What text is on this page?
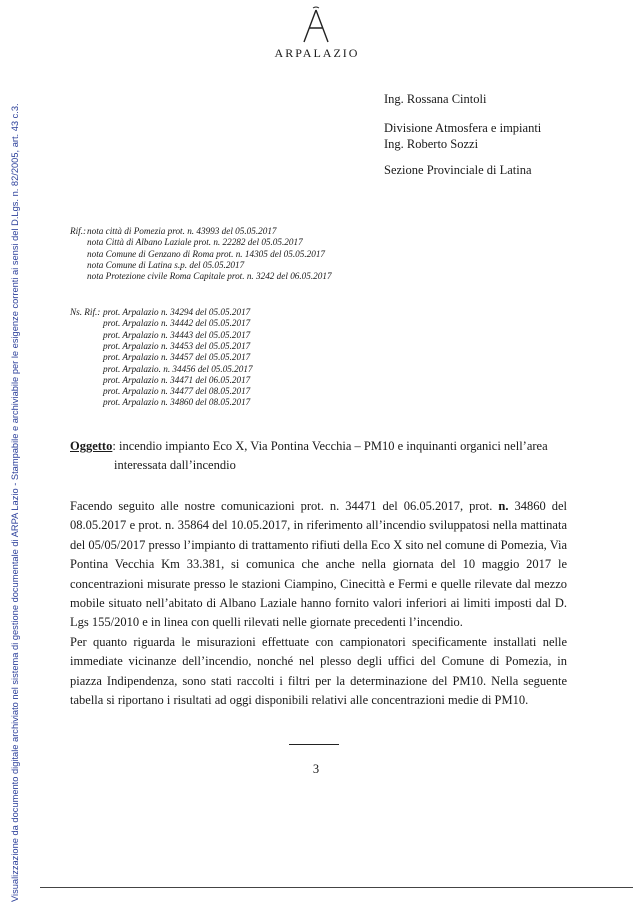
ARPALAZIO
Visualizzazione da documento digitale archiviato nel sistema di gestione documentale di ARPA Lazio - Stampabile e archiviabile per le esigenze correnti ai sensi del D.Lgs. n. 82/2005, art. 43 c.3.
Ing. Rossana Cintoli
Divisione Atmosfera e impianti
Ing. Roberto Sozzi
Sezione Provinciale di Latina
Rif.: nota città di Pomezia prot. n. 43993 del 05.05.2017
nota Città di Albano Laziale prot. n. 22282 del 05.05.2017
nota Comune di Genzano di Roma prot. n. 14305 del 05.05.2017
nota Comune di Latina s.p. del 05.05.2017
nota Protezione civile Roma Capitale prot. n. 3242 del 06.05.2017
Ns. Rif.: prot. Arpalazio n. 34294 del 05.05.2017
prot. Arpalazio n. 34442 del 05.05.2017
prot. Arpalazio n. 34443 del 05.05.2017
prot. Arpalazio n. 34453 del 05.05.2017
prot. Arpalazio n. 34457 del 05.05.2017
prot. Arpalazio. n. 34456 del 05.05.2017
prot. Arpalazio n. 34471 del 06.05.2017
prot. Arpalazio n. 34477 del 08.05.2017
prot. Arpalazio n. 34860 del 08.05.2017
Oggetto: incendio impianto Eco X, Via Pontina Vecchia – PM10 e inquinanti organici nell’area
interessata dall’incendio

Facendo seguito alle nostre comunicazioni prot. n. 34471 del 06.05.2017, prot. n. 34860 del 08.05.2017 e prot. n. 35864 del 10.05.2017, in riferimento all’incendio sviluppatosi nella mattinata del 05/05/2017 presso l’impianto di trattamento rifiuti della Eco X sito nel comune di Pomezia, Via Pontina Vecchia Km 33.381, si comunica che anche nella giornata del 10 maggio 2017 le concentrazioni misurate presso le stazioni Ciampino, Cinecittà e Fermi e quelle rilevate dal mezzo mobile situato nell’abitato di Albano Laziale hanno fornito valori inferiori ai limiti imposti dal D. Lgs 155/2010 e in linea con quelli rilevati nelle giornate precedenti l’incendio.

Per quanto riguarda le misurazioni effettuate con campionatori specificamente installati nelle immediate vicinanze dell’incendio, nonché nel plesso degli uffici del Comune di Pomezia, in piazza Indipendenza, sono stati raccolti i filtri per la determinazione del PM10. Nella seguente tabella si riportano i risultati ad oggi disponibili relativi alle concentrazioni medie di PM10.

3
